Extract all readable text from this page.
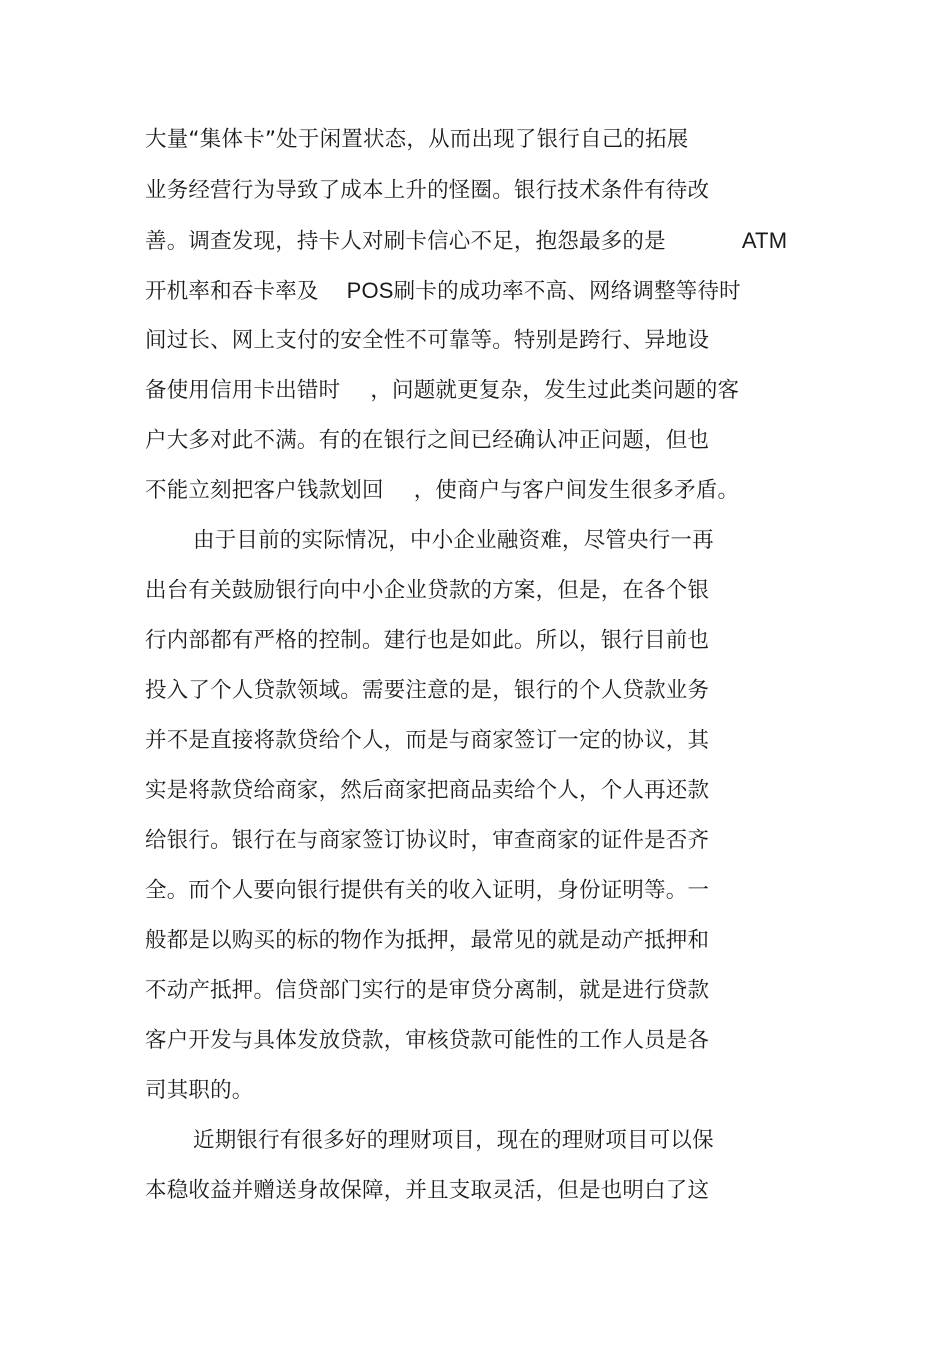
大量“集体卡”处于闲置状态，从而出现了银行自己的拓展
业务经营行为导致了成本上升的怪圈。银行技术条件有待改
善。调查发现，持卡人对刷卡信心不足，抱怨最多的是	ATM
开机率和吞卡率及 POS刷卡的成功率不高、网络调整等待时
间过长、网上支付的安全性不可靠等。特别是跨行、异地设
备使用信用卡出错时 ，问题就更复杂，发生过此类问题的客
户大多对此不满。有的在银行之间已经确认冲正问题，但也
不能立刻把客户钱款划回 ，使商户与客户间发生很多矛盾。
由于目前的实际情况，中小企业融资难，尽管央行一再
出台有关鼓励银行向中小企业贷款的方案，但是，在各个银
行内部都有严格的控制。建行也是如此。所以，银行目前也
投入了个人贷款领域。需要注意的是，银行的个人贷款业务
并不是直接将款贷给个人，而是与商家签订一定的协议，其
实是将款贷给商家，然后商家把商品卖给个人，个人再还款
给银行。银行在与商家签订协议时，审查商家的证件是否齐
全。而个人要向银行提供有关的收入证明，身份证明等。一
般都是以购买的标的物作为抵押，最常见的就是动产抵押和
不动产抵押。信贷部门实行的是审贷分离制，就是进行贷款
客户开发与具体发放贷款，审核贷款可能性的工作人员是各
司其职的。
近期银行有很多好的理财项目，现在的理财项目可以保
本稳收益并赠送身故保障，并且支取灵活，但是也明白了这
